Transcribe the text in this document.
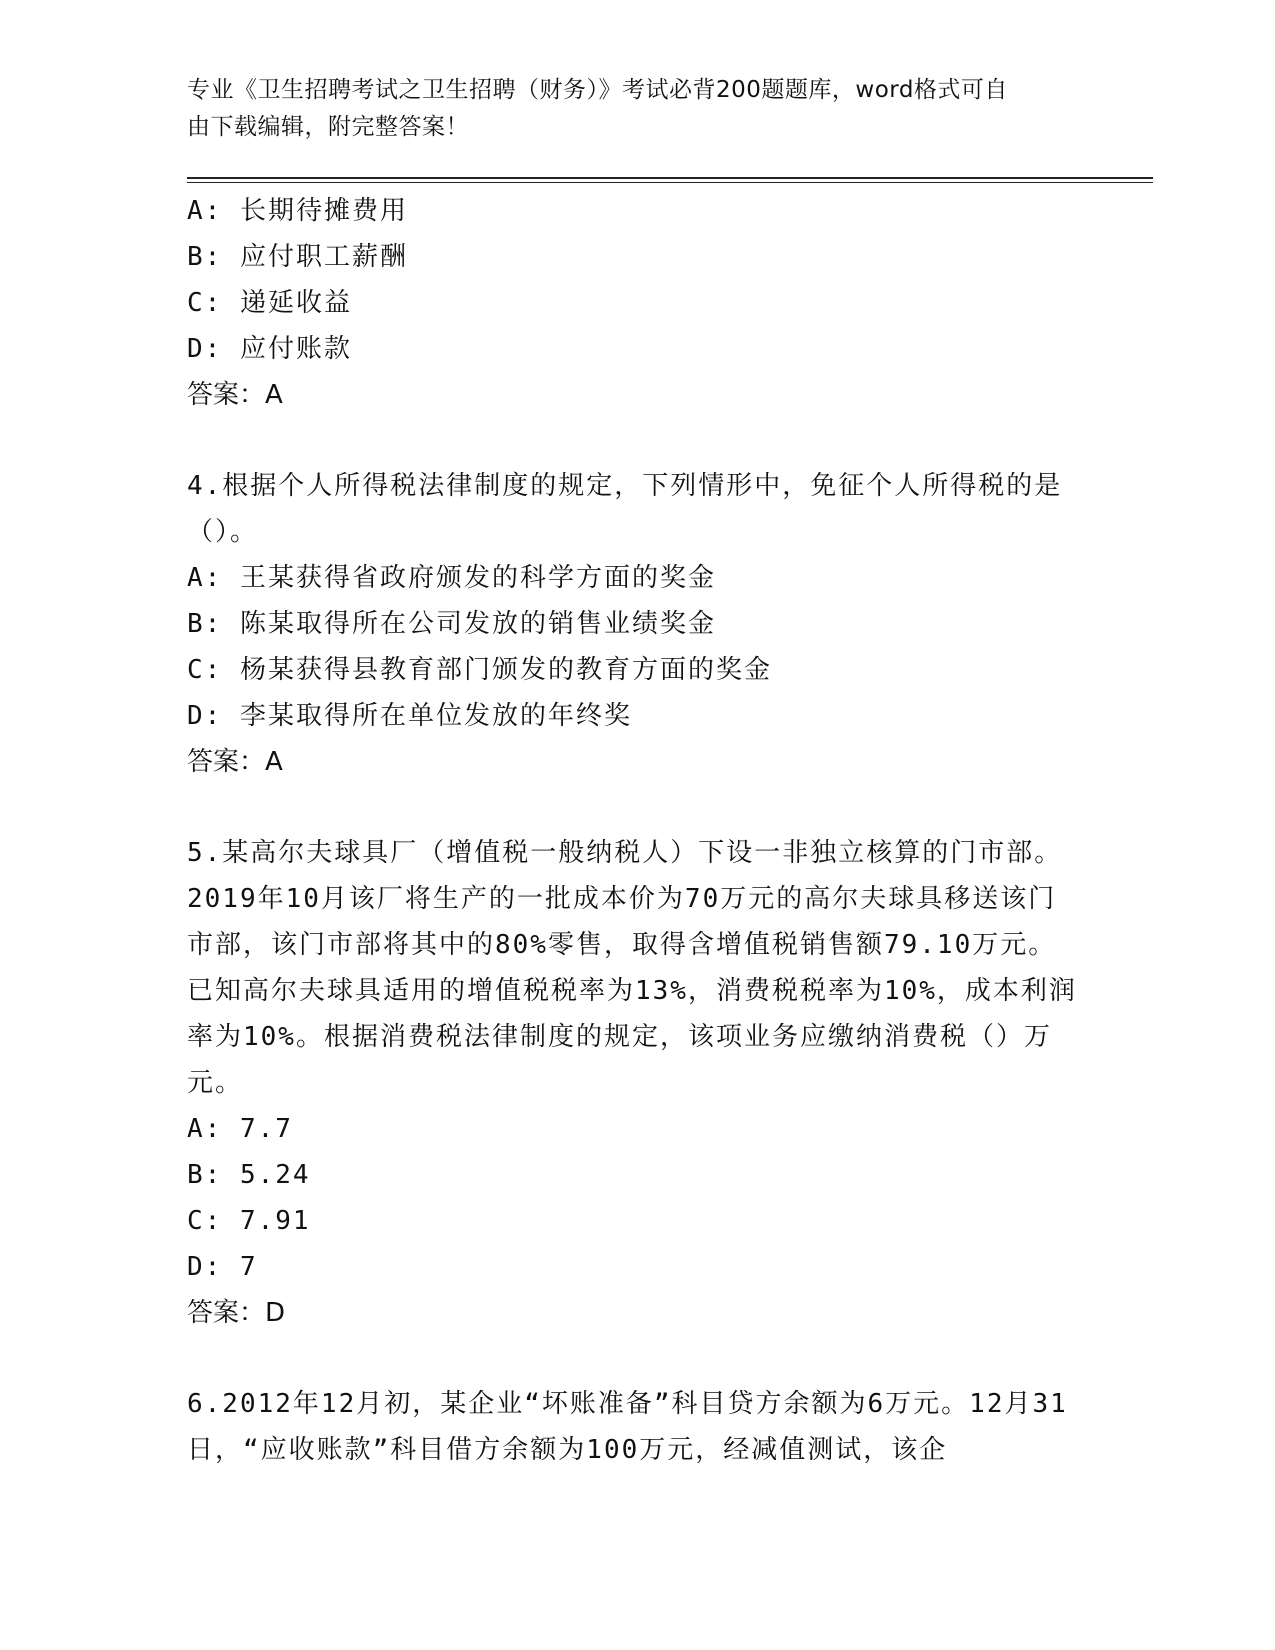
专业《卫生招聘考试之卫生招聘（财务）》考试必背200题题库，word格式可自
由下载编辑，附完整答案！
A: 长期待摊费用
B: 应付职工薪酬
C: 递延收益
D: 应付账款
答案：A
4.根据个人所得税法律制度的规定，下列情形中，免征个人所得税的是（）。
A: 王某获得省政府颁发的科学方面的奖金
B: 陈某取得所在公司发放的销售业绩奖金
C: 杨某获得县教育部门颁发的教育方面的奖金
D: 李某取得所在单位发放的年终奖
答案：A
5.某高尔夫球具厂（增值税一般纳税人）下设一非独立核算的门市部。2019年10月该厂将生产的一批成本价为70万元的高尔夫球具移送该门市部，该门市部将其中的80%零售，取得含增值税销售额79.10万元。已知高尔夫球具适用的增值税税率为13%，消费税税率为10%，成本利润率为10%。根据消费税法律制度的规定，该项业务应缴纳消费税（）万元。
A: 7.7
B: 5.24
C: 7.91
D: 7
答案：D
6.2012年12月初，某企业“坏账准备”科目贷方余额为6万元。12月31日，“应收账款”科目借方余额为100万元，经减值测试，该企
